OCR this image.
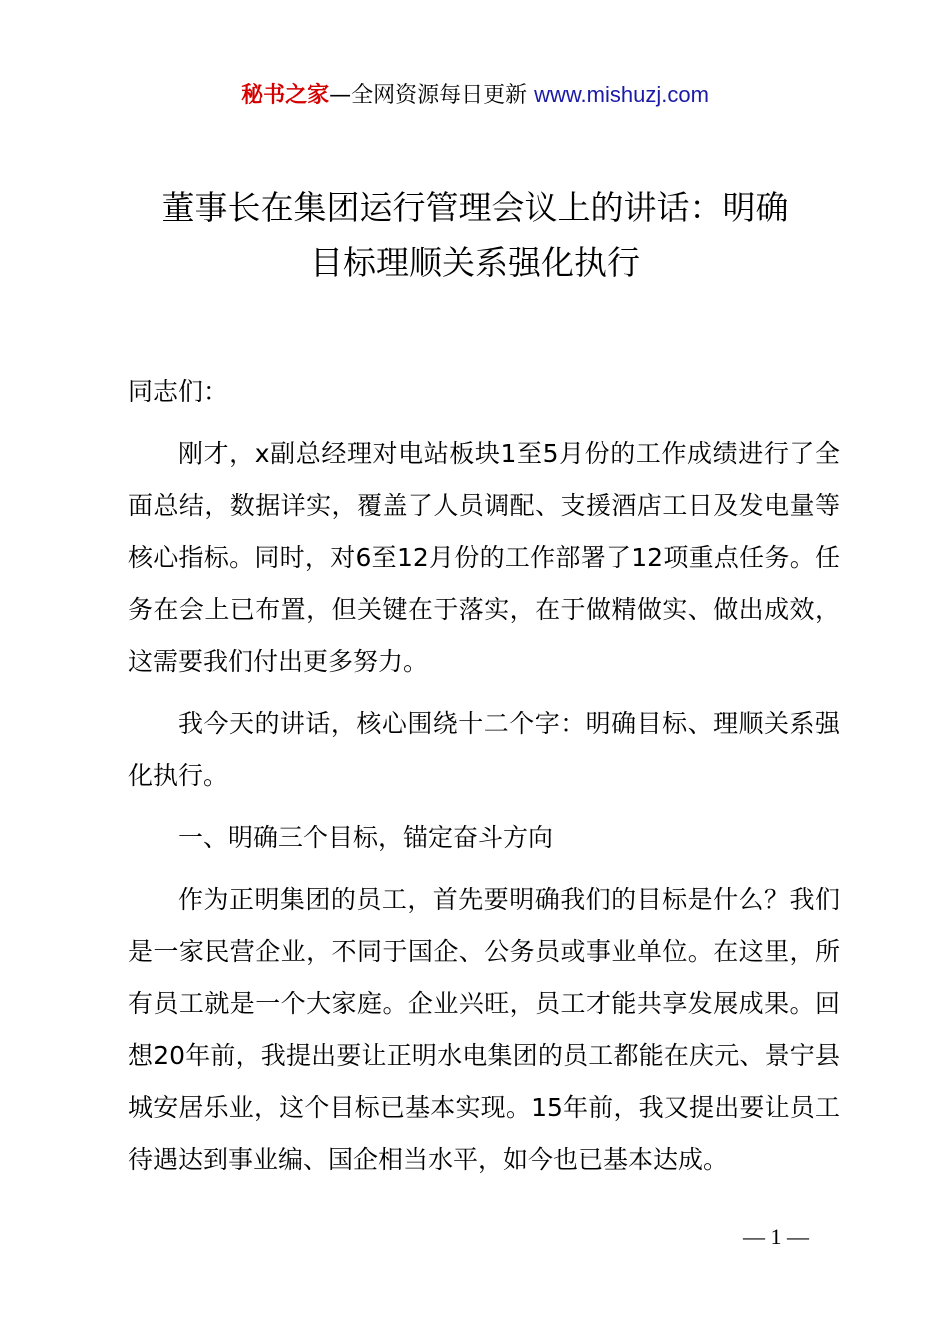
秘书之家—全网资源每日更新 www.mishuzj.com
董事长在集团运行管理会议上的讲话：明确
目标理顺关系强化执行

同志们：

刚才，x副总经理对电站板块1至5月份的工作成绩进行了全面总结，数据详实，覆盖了人员调配、支援酒店工日及发电量等核心指标。同时，对6至12月份的工作部署了12项重点任务。任务在会上已布置，但关键在于落实，在于做精做实、做出成效，这需要我们付出更多努力。

我今天的讲话，核心围绕十二个字：明确目标、理顺关系强化执行。

一、明确三个目标，锚定奋斗方向

作为正明集团的员工，首先要明确我们的目标是什么？我们是一家民营企业，不同于国企、公务员或事业单位。在这里，所有员工就是一个大家庭。企业兴旺，员工才能共享发展成果。回想20年前，我提出要让正明水电集团的员工都能在庆元、景宁县城安居乐业，这个目标已基本实现。15年前，我又提出要让员工待遇达到事业编、国企相当水平，如今也已基本达成。

— 1 —
